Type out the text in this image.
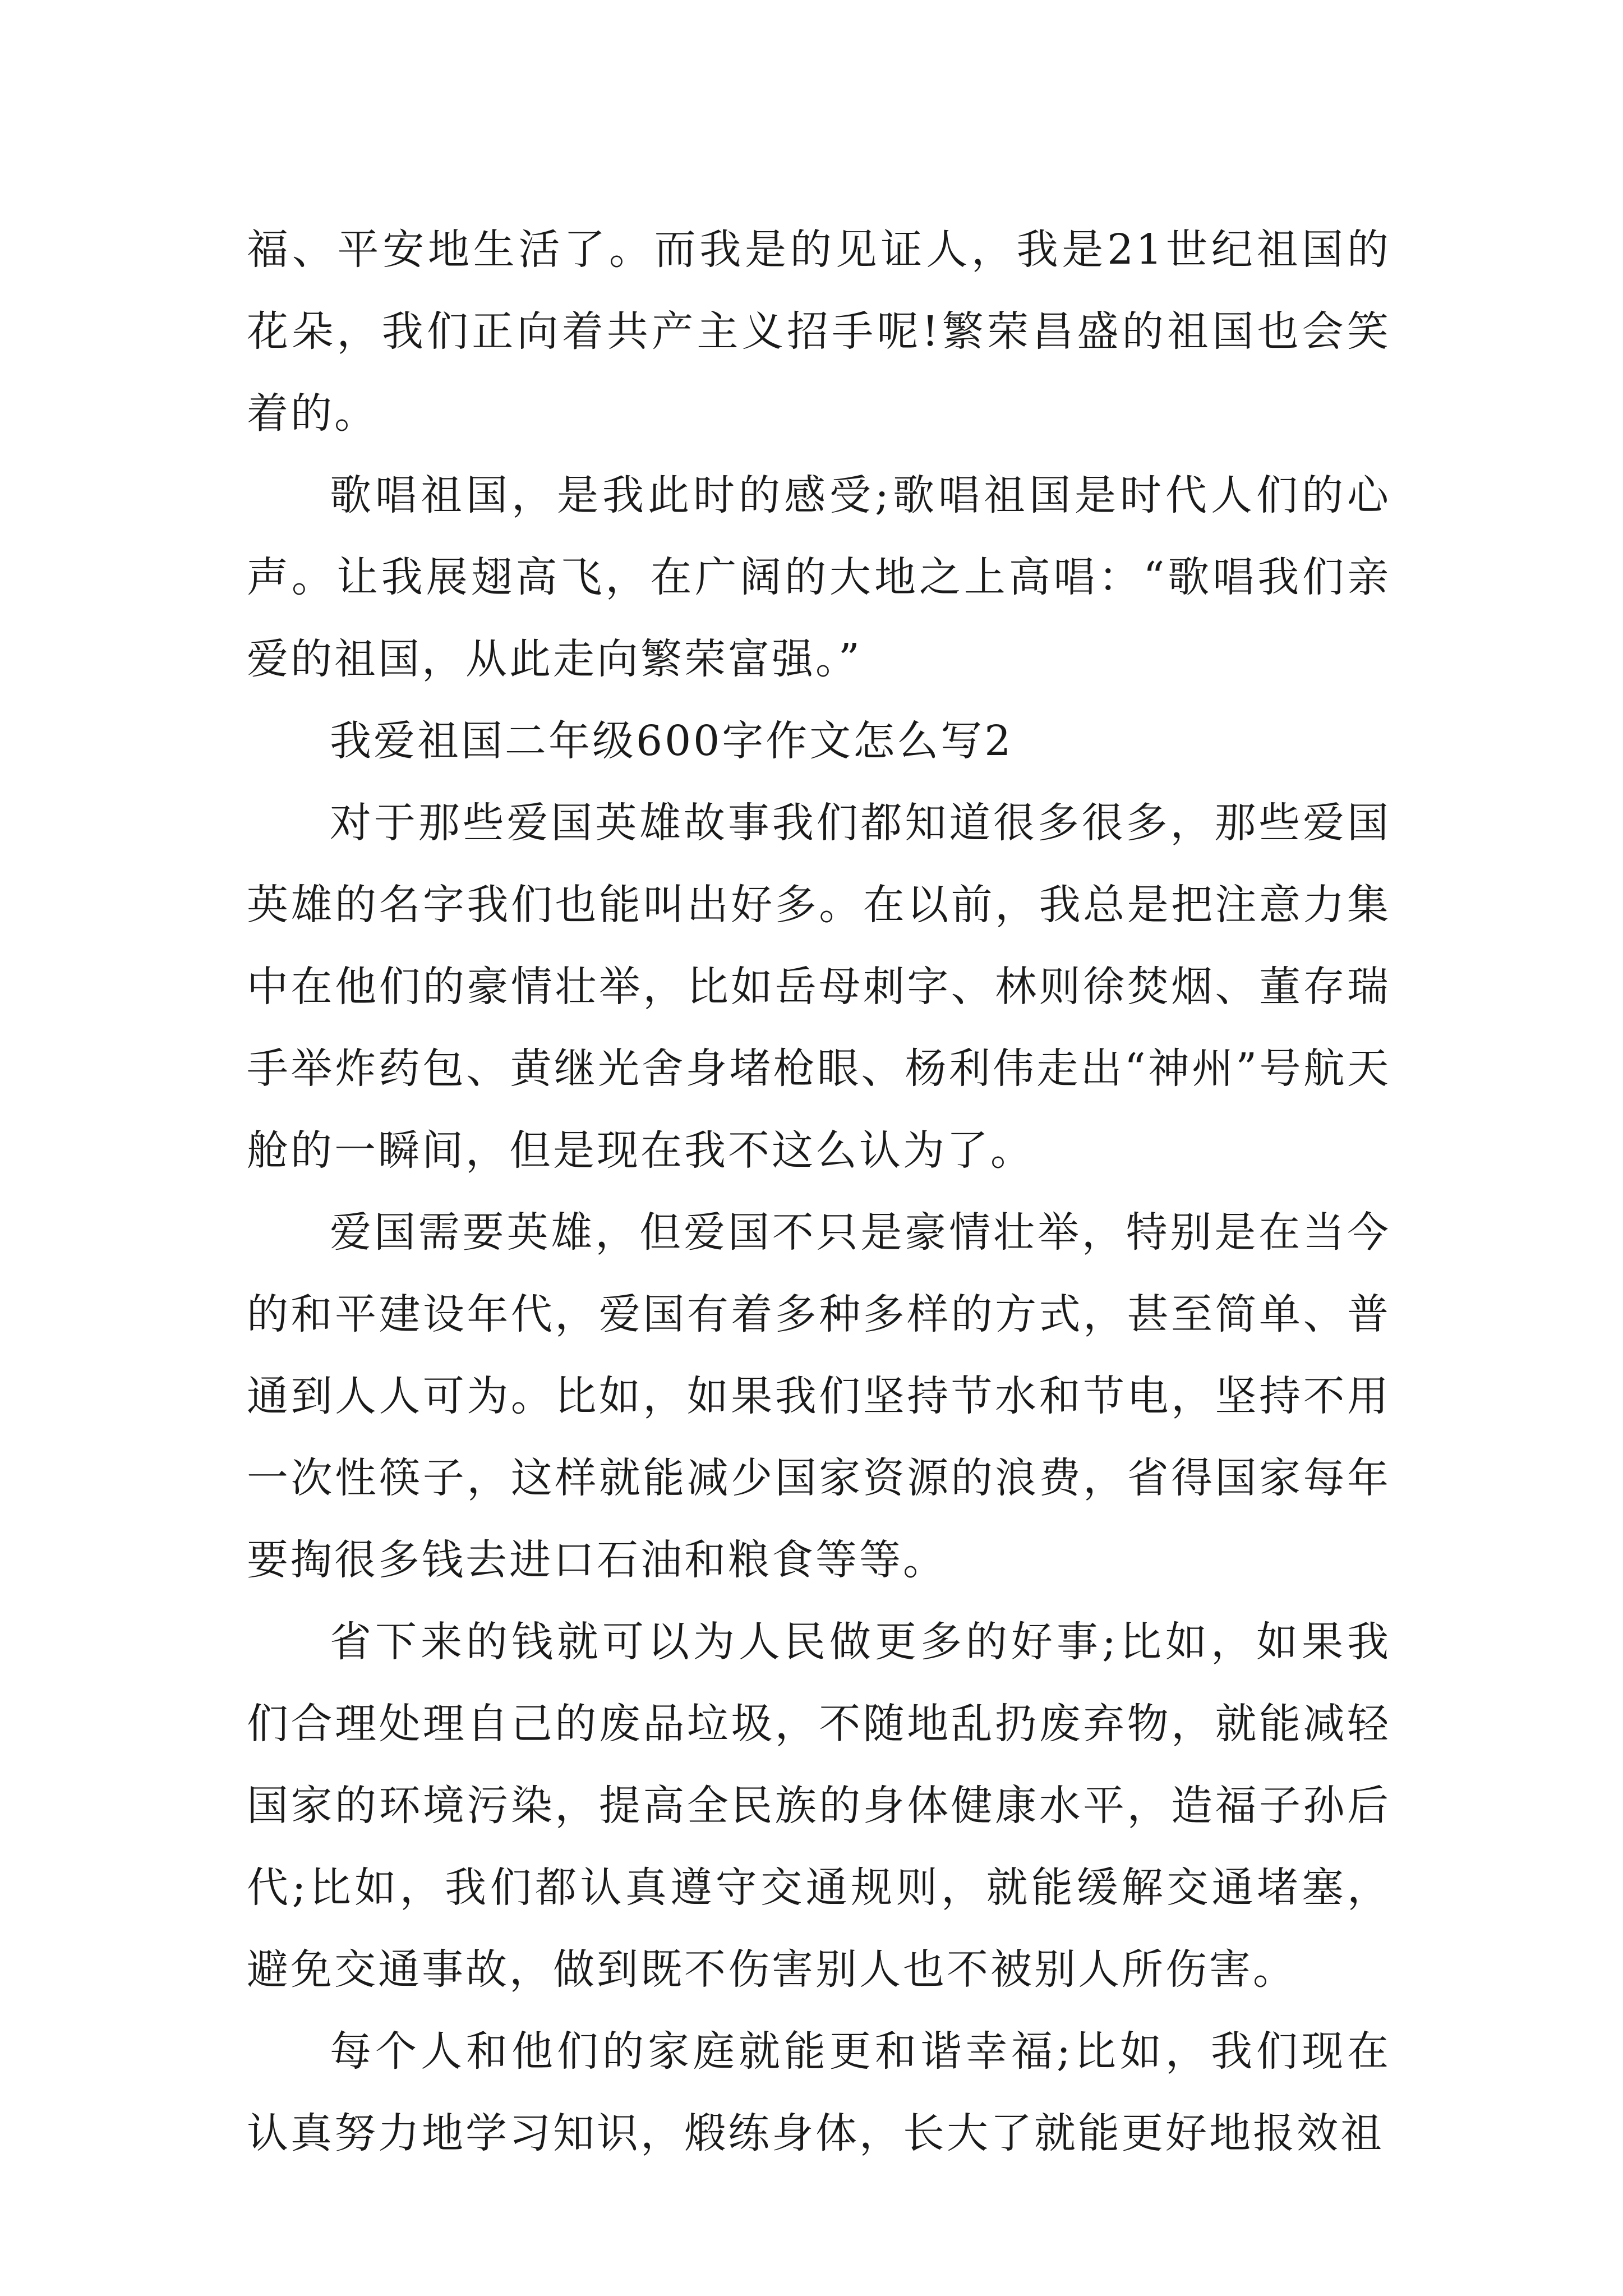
福、平安地生活了。而我是的见证人，我是21世纪祖国的花朵，我们正向着共产主义招手呢!繁荣昌盛的祖国也会笑着的。

歌唱祖国，是我此时的感受;歌唱祖国是时代人们的心声。让我展翅高飞，在广阔的大地之上高唱：“歌唱我们亲爱的祖国，从此走向繁荣富强。”

我爱祖国二年级600字作文怎么写2

对于那些爱国英雄故事我们都知道很多很多，那些爱国英雄的名字我们也能叫出好多。在以前，我总是把注意力集中在他们的豪情壮举，比如岳母刺字、林则徐焚烟、董存瑞手举炸药包、黄继光舍身堵枪眼、杨利伟走出“神州”号航天舱的一瞬间，但是现在我不这么认为了。

爱国需要英雄，但爱国不只是豪情壮举，特别是在当今的和平建设年代，爱国有着多种多样的方式，甚至简单、普通到人人可为。比如，如果我们坚持节水和节电，坚持不用一次性筷子，这样就能减少国家资源的浪费，省得国家每年要掏很多钱去进口石油和粮食等等。

省下来的钱就可以为人民做更多的好事;比如，如果我们合理处理自己的废品垃圾，不随地乱扔废弃物，就能减轻国家的环境污染，提高全民族的身体健康水平，造福子孙后代;比如，我们都认真遵守交通规则，就能缓解交通堵塞，避免交通事故，做到既不伤害别人也不被别人所伤害。

每个人和他们的家庭就能更和谐幸福;比如，我们现在认真努力地学习知识，煅练身体，长大了就能更好地报效祖
